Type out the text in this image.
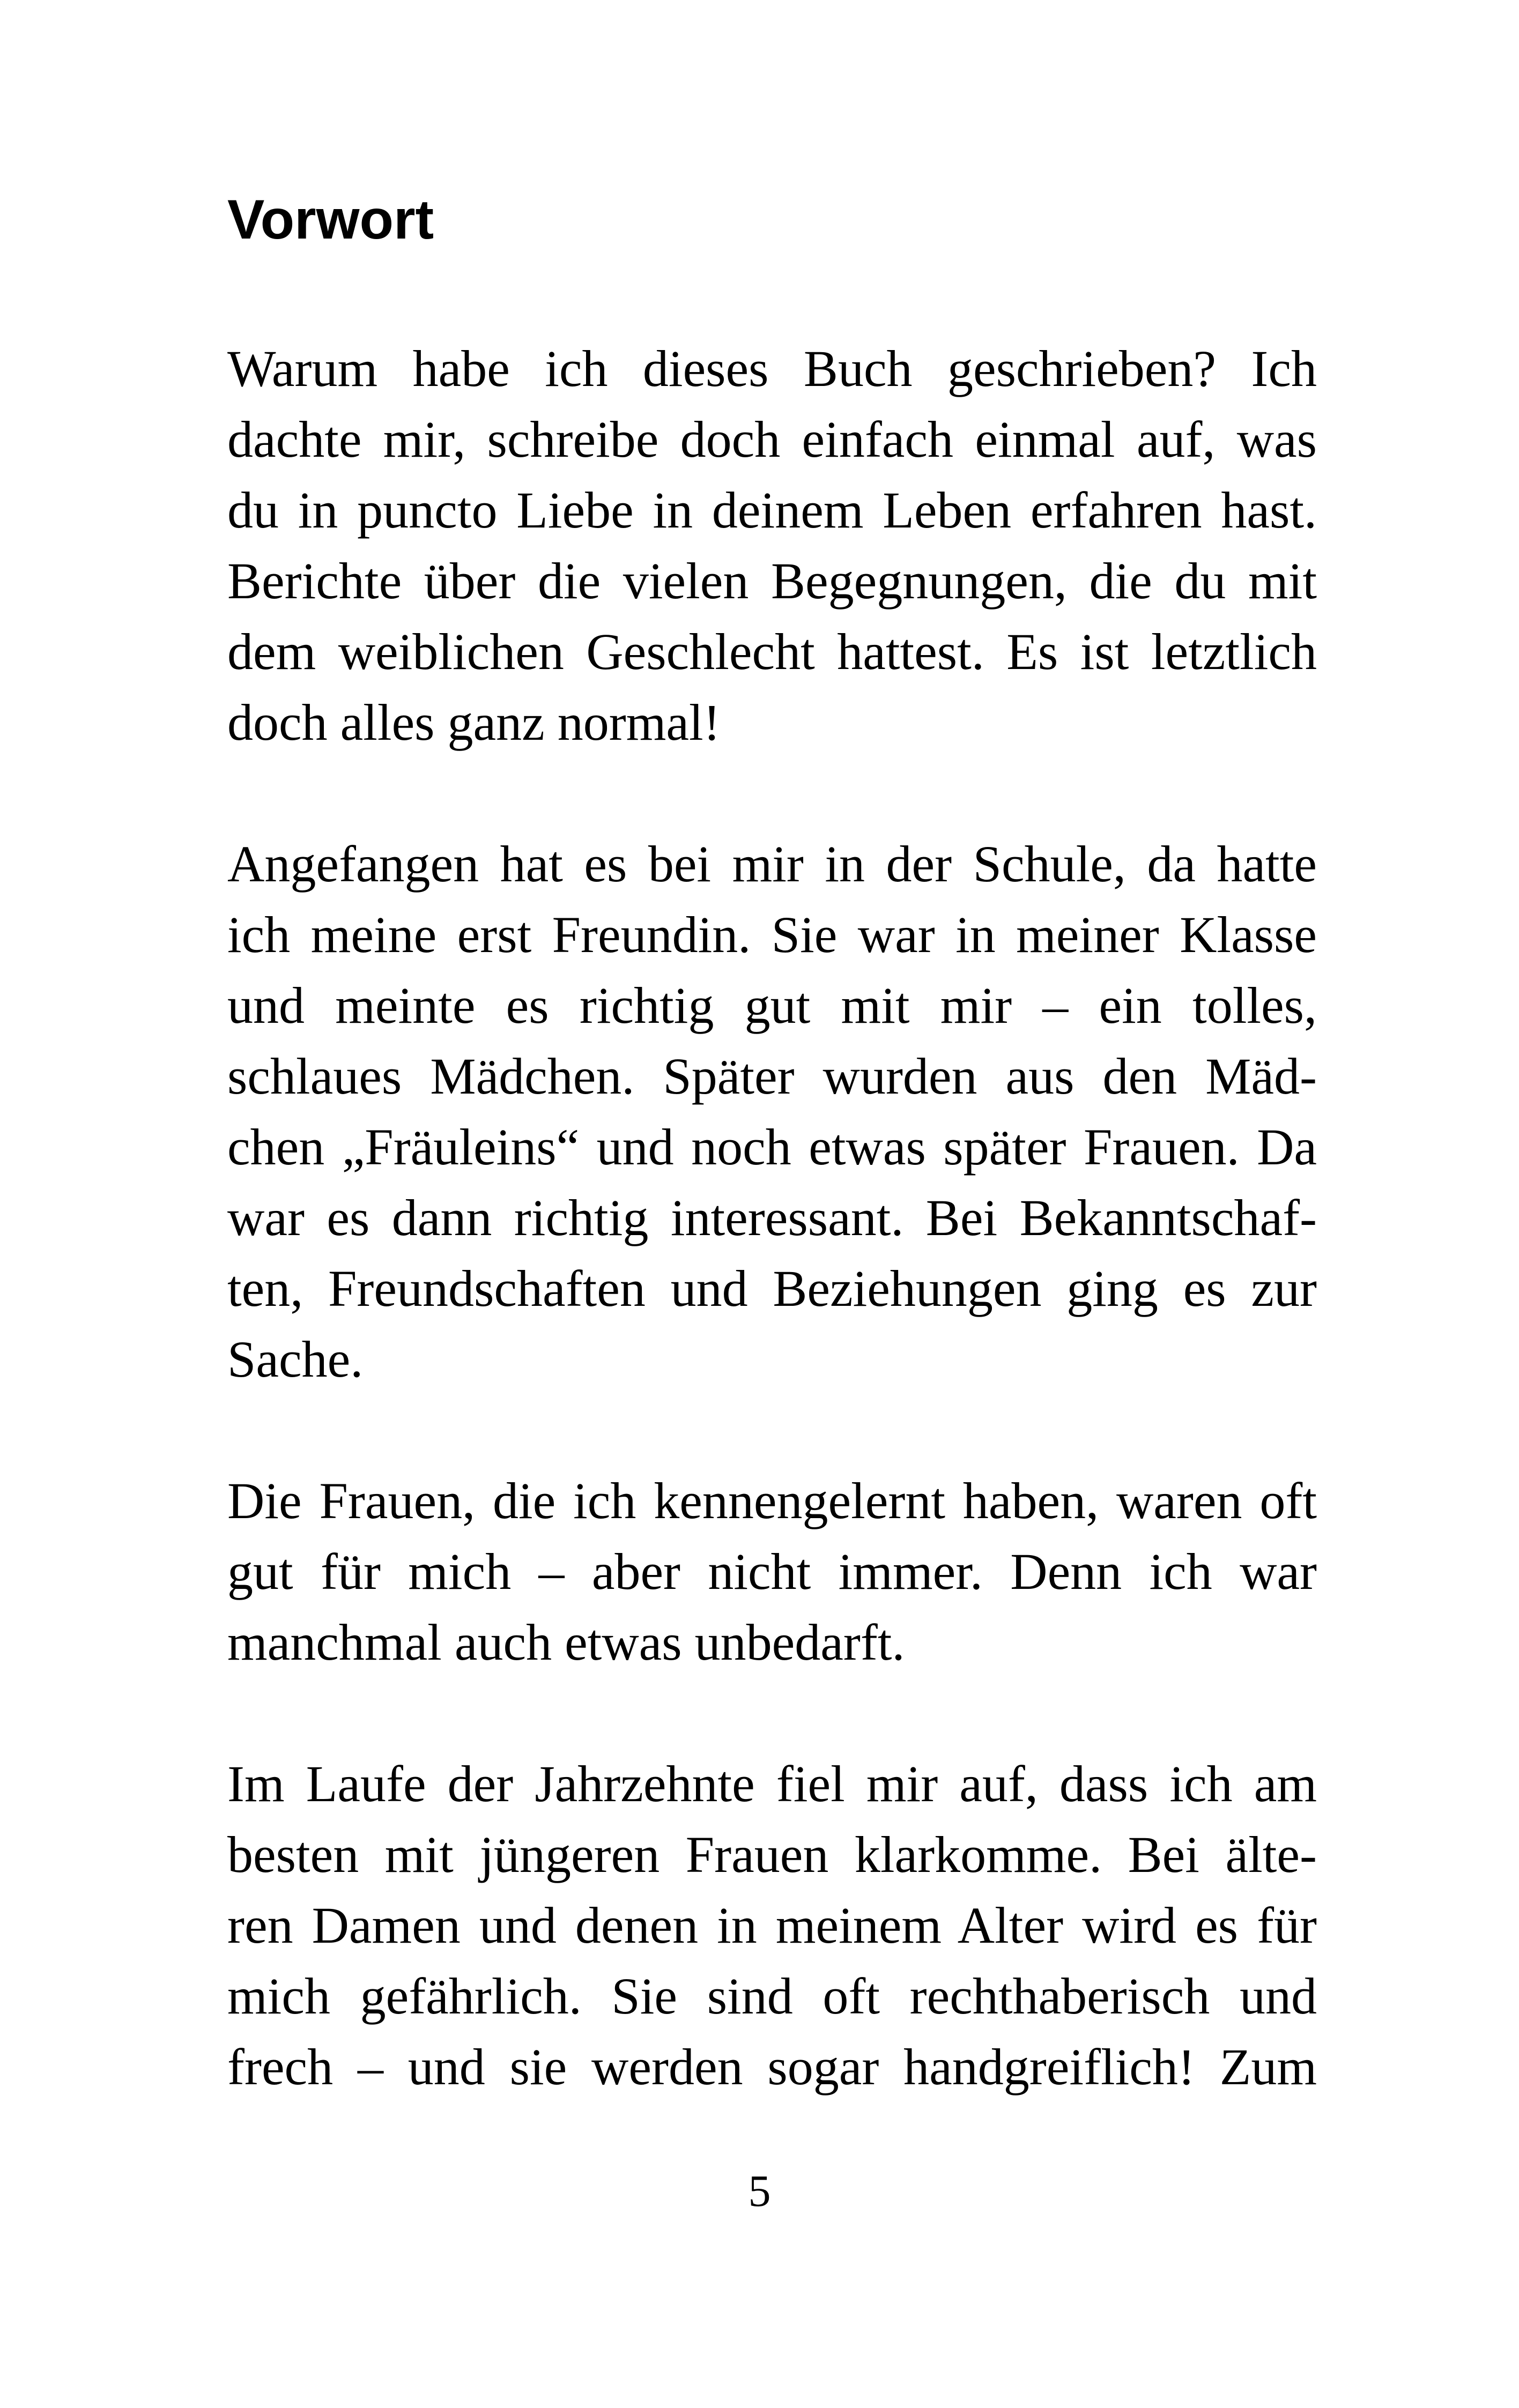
Vorwort
Warum habe ich dieses Buch geschrieben? Ich
dachte mir, schreibe doch einfach einmal auf, was
du in puncto Liebe in deinem Leben erfahren hast.
Berichte über die vielen Begegnungen, die du mit
dem weiblichen Geschlecht hattest. Es ist letztlich
doch alles ganz normal!
Angefangen hat es bei mir in der Schule, da hatte
ich meine erst Freundin. Sie war in meiner Klasse
und meinte es richtig gut mit mir – ein tolles,
schlaues Mädchen. Später wurden aus den Mäd-
chen „Fräuleins“ und noch etwas später Frauen. Da
war es dann richtig interessant. Bei Bekanntschaf-
ten, Freundschaften und Beziehungen ging es zur
Sache.
Die Frauen, die ich kennengelernt haben, waren oft
gut für mich – aber nicht immer. Denn ich war
manchmal auch etwas unbedarft.
Im Laufe der Jahrzehnte fiel mir auf, dass ich am
besten mit jüngeren Frauen klarkomme. Bei älte-
ren Damen und denen in meinem Alter wird es für
mich gefährlich. Sie sind oft rechthaberisch und
frech – und sie werden sogar handgreiflich! Zum
5
